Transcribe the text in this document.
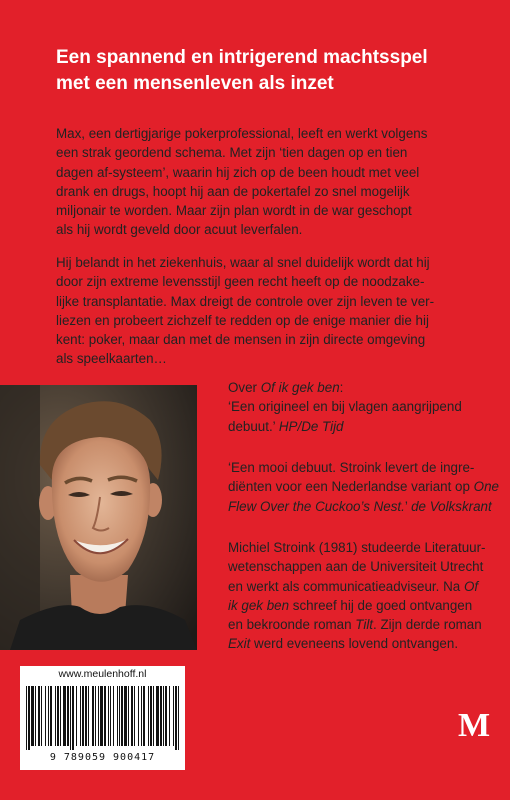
Een spannend en intrigerend machtsspel
met een mensenleven als inzet
Max, een dertigjarige pokerprofessional, leeft en werkt volgens
een strak geordend schema. Met zijn ‘tien dagen op en tien
dagen af-systeem’, waarin hij zich op de been houdt met veel
drank en drugs, hoopt hij aan de pokertafel zo snel mogelijk
miljonair te worden. Maar zijn plan wordt in de war geschopt
als hij wordt geveld door acuut leverfalen.
Hij belandt in het ziekenhuis, waar al snel duidelijk wordt dat hij
door zijn extreme levensstijl geen recht heeft op de noodzake-
lijke transplantatie. Max dreigt de controle over zijn leven te ver-
liezen en probeert zichzelf te redden op de enige manier die hij
kent: poker, maar dan met de mensen in zijn directe omgeving
als speelkaarten…
Over Of ik gek ben:
‘Een origineel en bij vlagen aangrijpend
debuut.’ HP/De Tijd
‘Een mooi debuut. Stroink levert de ingre-
diënten voor een Nederlandse variant op One
Flew Over the Cuckoo’s Nest.’ de Volkskrant
Michiel Stroink (1981) studeerde Literatuur-
wetenschappen aan de Universiteit Utrecht
en werkt als communicatieadviseur. Na Of
ik gek ben schreef hij de goed ontvangen
en bekroonde roman Tilt. Zijn derde roman
Exit werd eveneens lovend ontvangen.
www.meulenhoff.nl
9 789059 900417
M
